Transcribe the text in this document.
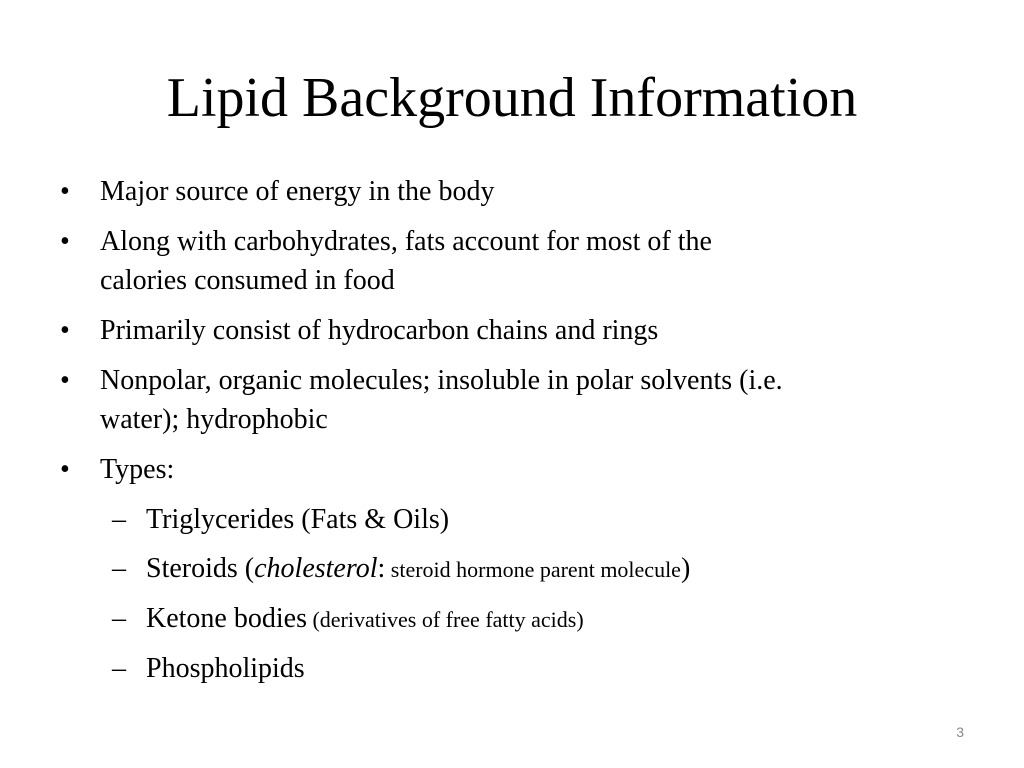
Lipid Background Information
• Major source of energy in the body
• Along with carbohydrates, fats account for most of the
calories consumed in food
• Primarily consist of hydrocarbon chains and rings
• Nonpolar, organic molecules; insoluble in polar solvents (i.e.
water); hydrophobic
• Types:
– Triglycerides (Fats & Oils)
– Steroids (cholesterol: steroid hormone parent molecule)
– Ketone bodies (derivatives of free fatty acids)
– Phospholipids
3
